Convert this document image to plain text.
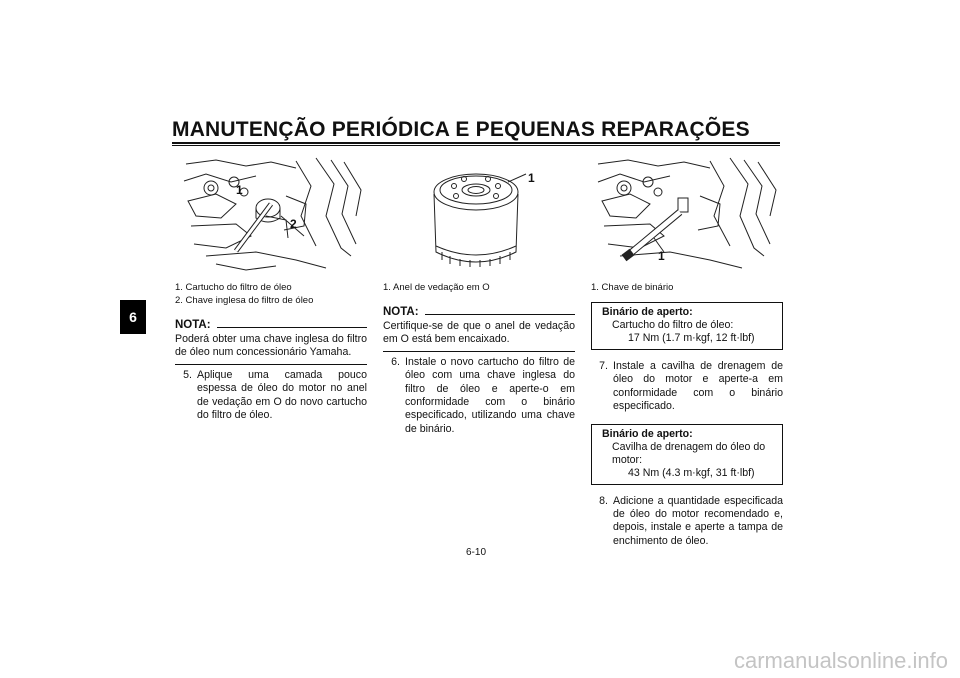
MANUTENÇÃO PERIÓDICA E PEQUENAS REPARAÇÕES
6
1
2
1
1
1. Cartucho do filtro de óleo
2. Chave inglesa do filtro de óleo
NOTA:
Poderá obter uma chave inglesa do filtro de óleo num concessionário Yamaha.
5. Aplique uma camada pouco espessa de óleo do motor no anel de vedação em O do novo cartucho do filtro de óleo.
1. Anel de vedação em O
NOTA:
Certifique-se de que o anel de vedação em O está bem encaixado.
6. Instale o novo cartucho do filtro de óleo com uma chave inglesa do filtro de óleo e aperte-o em conformidade com o binário especificado, utilizando uma chave de binário.
1. Chave de binário
Binário de aperto:
Cartucho do filtro de óleo:
17 Nm (1.7 m·kgf, 12 ft·lbf)
7. Instale a cavilha de drenagem de óleo do motor e aperte-a em conformidade com o binário especificado.
Binário de aperto:
Cavilha de drenagem do óleo do motor:
43 Nm (4.3 m·kgf, 31 ft·lbf)
8. Adicione a quantidade especificada de óleo do motor recomendado e, depois, instale e aperte a tampa de enchimento de óleo.
6-10
carmanualsonline.info
